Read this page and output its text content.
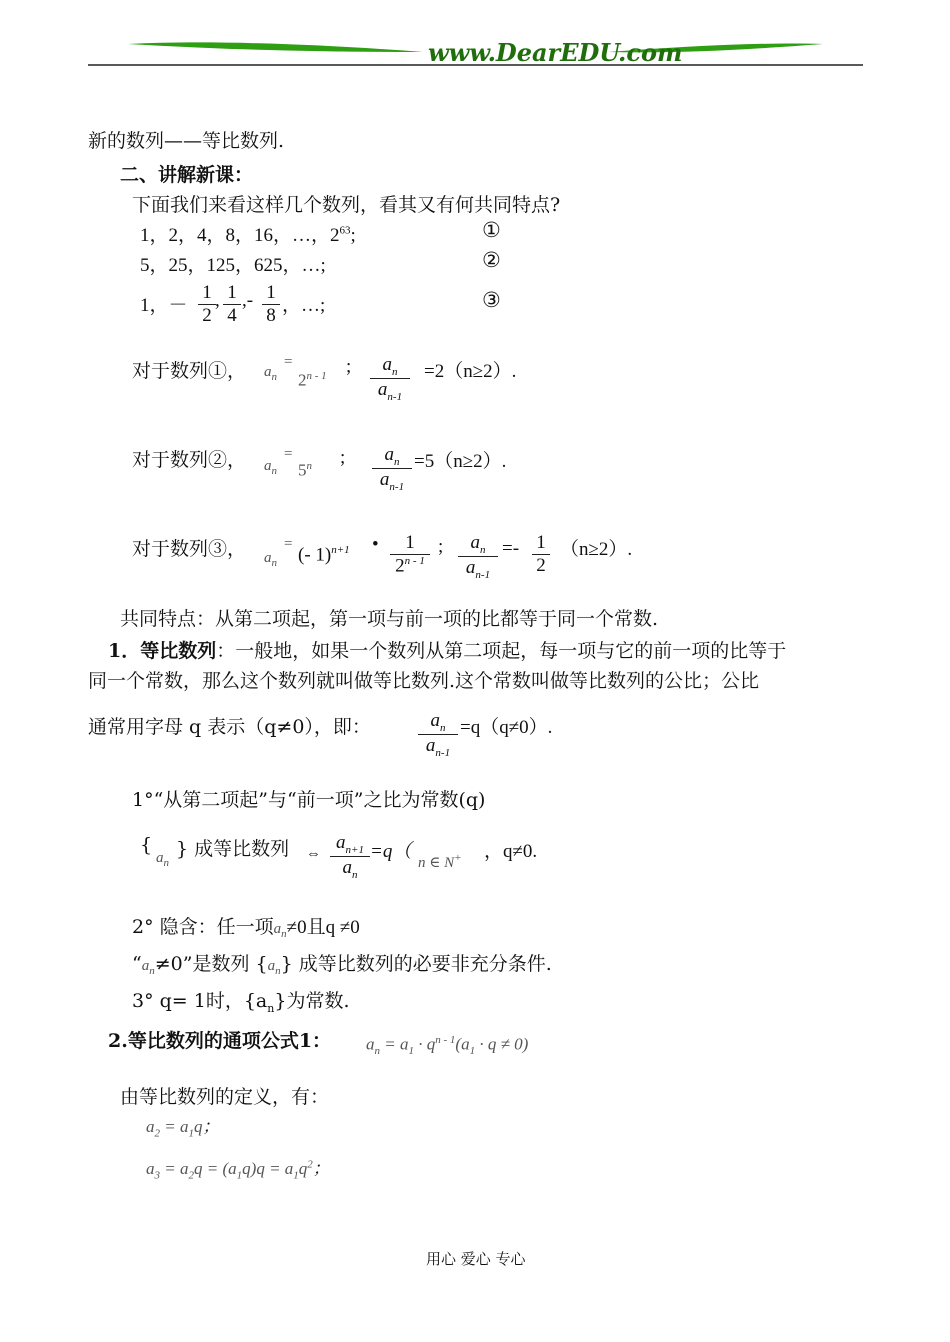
www.DearEDU.com
新的数列——等比数列.
二、讲解新课：
下面我们来看这样几个数列，看其又有何共同特点?
1，2，4，8，16，…，$2^{63}$;	①
5，25，125，625，…;	②
1，－ $\frac{1}{2}$ , $\frac{1}{4}$ ,- $\frac{1}{8}$ ，…;	③
对于数列①， $a_n$
=
$2^{n - 1}$ ; $\frac{a_n}{a_{n-1}} =2(n\ge 2)$.
对于数列②， $a_n$
=
$5^n$ ; $\frac{a_n}{a_{n-1}} =5(n\ge 2)$.
对于数列③， $a_n$
=
(- 1)$^{n+1}$ • $\frac{1}{2^{n - 1}}$ ; $\frac{a_n}{a_{n-1}} =- \frac{1}{2} (n\ge 2)$.
共同特点：从第二项起，第一项与前一项的比都等于同一个常数.
1．等比数列：一般地，如果一个数列从第二项起，每一项与它的前一项的比等于
同一个常数，那么这个数列就叫做等比数列.这个常数叫做等比数列的公比；公比
通常用字母 q 表示（q≠0），即： $\frac{a_n}{a_{n-1}} =q(q\ne 0)$.
1°“从第二项起”与“前一项”之比为常数(q)
{
$a_n$
} 成等比数列 ⇔ $\frac{a_{n+1}}{a_n} =q$（
n ∈ N+ ，q≠0.
2° 隐含：任一项$a_n\ne 0$且q ≠0
“$a_n\ne 0$”是数列 $\{a_n\}$ 成等比数列的必要非充分条件.
3° q= 1时，$\{a_n\}$为常数.
2.等比数列的通项公式1： $a_n = a_1 \cdot q^{n - 1}(a_1 \cdot q \ne 0)$
由等比数列的定义，有：
$a_2 = a_1q$；
$a_3 = a_2q = (a_1q)q = a_1q^2$；
用心 爱心 专心
